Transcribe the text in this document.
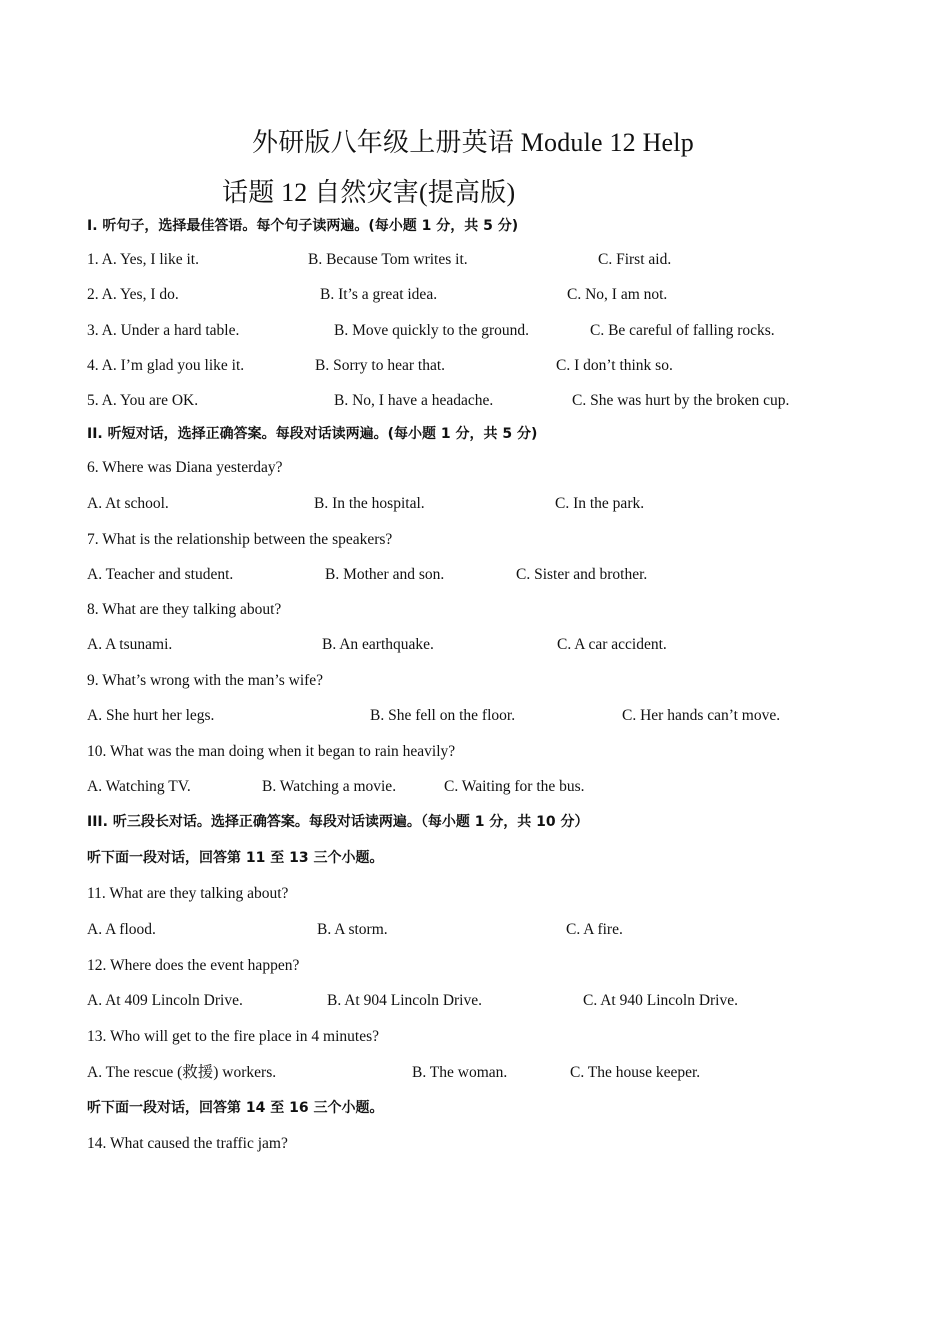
外研版八年级上册英语 Module 12 Help
话题 12 自然灾害(提高版)
I. 听句子，选择最佳答语。每个句子读两遍。(每小题 1 分，共 5 分)
1. A. Yes, I like it.	B. Because Tom writes it.	C. First aid.
2. A. Yes, I do.	B. It’s a great idea.	C. No, I am not.
3. A. Under a hard table.	B. Move quickly to the ground.	C. Be careful of falling rocks.
4. A. I’m glad you like it.	B. Sorry to hear that.	C. I don’t think so.
5. A. You are OK.	B. No, I have a headache.	C. She was hurt by the broken cup.
II. 听短对话，选择正确答案。每段对话读两遍。(每小题 1 分，共 5 分)
6. Where was Diana yesterday?
A. At school.	B. In the hospital.	C. In the park.
7. What is the relationship between the speakers?
A. Teacher and student.	B. Mother and son.	C. Sister and brother.
8. What are they talking about?
A. A tsunami.	B. An earthquake.	C. A car accident.
9. What’s wrong with the man’s wife?
A. She hurt her legs.	B. She fell on the floor.	C. Her hands can’t move.
10. What was the man doing when it began to rain heavily?
A. Watching TV.	B. Watching a movie.	C. Waiting for the bus.
III. 听三段长对话。选择正确答案。每段对话读两遍。（每小题 1 分，共 10 分）
听下面一段对话，回答第 11 至 13 三个小题。
11. What are they talking about?
A. A flood.	B. A storm.	C. A fire.
12. Where does the event happen?
A. At 409 Lincoln Drive.	B. At 904 Lincoln Drive.	C. At 940 Lincoln Drive.
13. Who will get to the fire place in 4 minutes?
A. The rescue (救援) workers.	B. The woman.	C. The house keeper.
听下面一段对话，回答第 14 至 16 三个小题。
14. What caused the traffic jam?
